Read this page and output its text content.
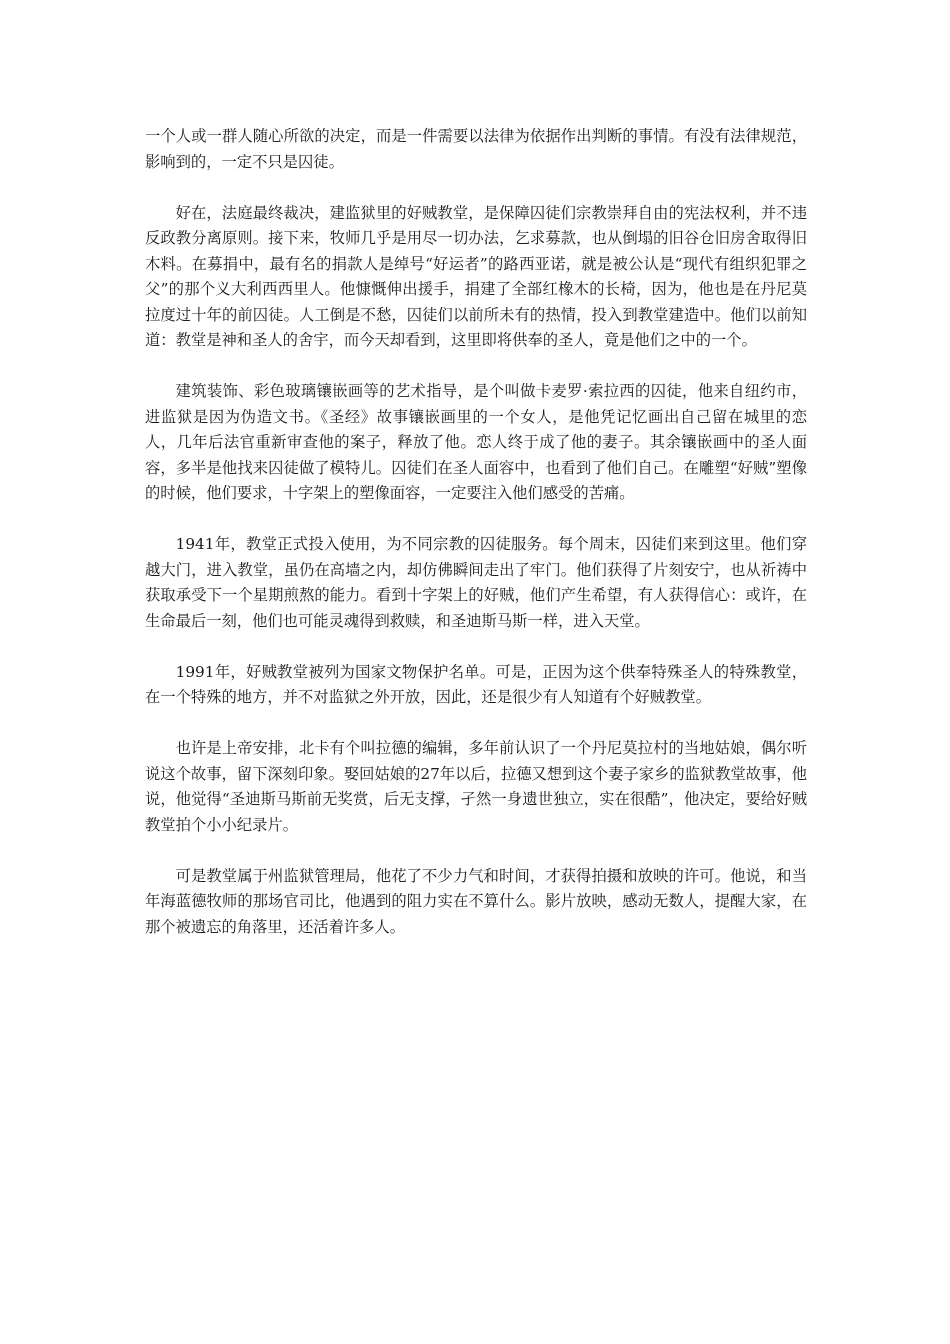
一个人或一群人随心所欲的决定，而是一件需要以法律为依据作出判断的事情。有没有法律规范，影响到的，一定不只是囚徒。

好在，法庭最终裁决，建监狱里的好贼教堂，是保障囚徒们宗教崇拜自由的宪法权利，并不违反政教分离原则。接下来，牧师几乎是用尽一切办法，乞求募款，也从倒塌的旧谷仓旧房舍取得旧木料。在募捐中，最有名的捐款人是绰号“好运者”的路西亚诺，就是被公认是“现代有组织犯罪之父”的那个义大利西西里人。他慷慨伸出援手，捐建了全部红橡木的长椅，因为，他也是在丹尼莫拉度过十年的前囚徒。人工倒是不愁，囚徒们以前所未有的热情，投入到教堂建造中。他们以前知道：教堂是神和圣人的舍宇，而今天却看到，这里即将供奉的圣人，竟是他们之中的一个。

建筑装饰、彩色玻璃镶嵌画等的艺术指导，是个叫做卡麦罗·索拉西的囚徒，他来自纽约市，进监狱是因为伪造文书。《圣经》故事镶嵌画里的一个女人，是他凭记忆画出自己留在城里的恋人，几年后法官重新审查他的案子，释放了他。恋人终于成了他的妻子。其余镶嵌画中的圣人面容，多半是他找来囚徒做了模特儿。囚徒们在圣人面容中，也看到了他们自己。在雕塑“好贼”塑像的时候，他们要求，十字架上的塑像面容，一定要注入他们感受的苦痛。

1941年，教堂正式投入使用，为不同宗教的囚徒服务。每个周末，囚徒们来到这里。他们穿越大门，进入教堂，虽仍在高墙之内，却仿佛瞬间走出了牢门。他们获得了片刻安宁，也从祈祷中获取承受下一个星期煎熬的能力。看到十字架上的好贼，他们产生希望，有人获得信心：或许，在生命最后一刻，他们也可能灵魂得到救赎，和圣迪斯马斯一样，进入天堂。

1991年，好贼教堂被列为国家文物保护名单。可是，正因为这个供奉特殊圣人的特殊教堂，在一个特殊的地方，并不对监狱之外开放，因此，还是很少有人知道有个好贼教堂。

也许是上帝安排，北卡有个叫拉德的编辑，多年前认识了一个丹尼莫拉村的当地姑娘，偶尔听说这个故事，留下深刻印象。娶回姑娘的27年以后，拉德又想到这个妻子家乡的监狱教堂故事，他说，他觉得“圣迪斯马斯前无奖赏，后无支撑，孑然一身遗世独立，实在很酷”，他决定，要给好贼教堂拍个小小纪录片。

可是教堂属于州监狱管理局，他花了不少力气和时间，才获得拍摄和放映的许可。他说，和当年海蓝德牧师的那场官司比，他遇到的阻力实在不算什么。影片放映，感动无数人，提醒大家，在那个被遗忘的角落里，还活着许多人。
